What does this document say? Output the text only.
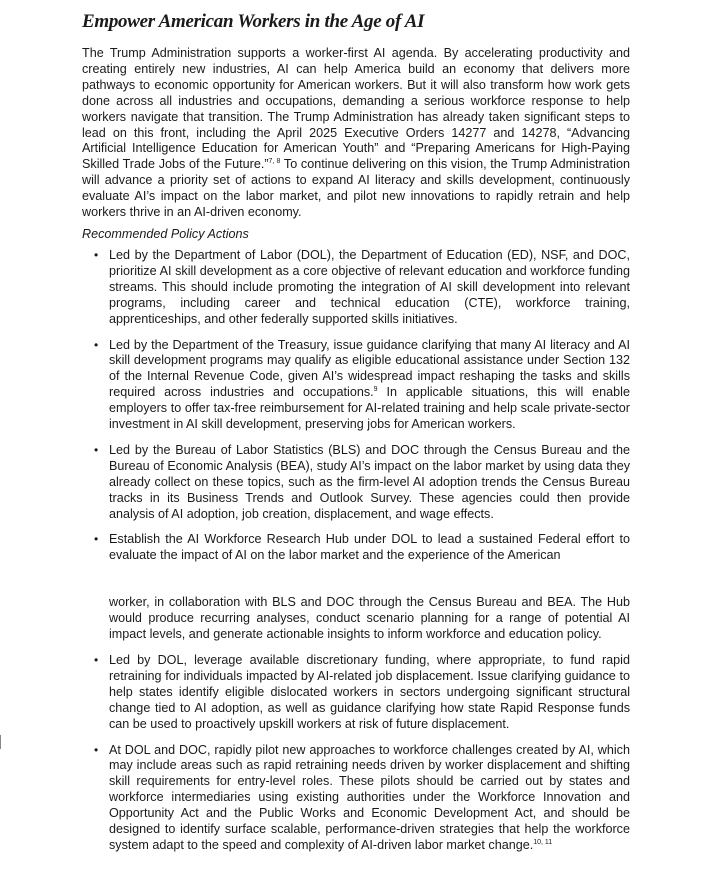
Empower American Workers in the Age of AI

The Trump Administration supports a worker-first AI agenda. By accelerating productivity and creating entirely new industries, AI can help America build an economy that delivers more pathways to economic opportunity for American workers. But it will also transform how work gets done across all industries and occupations, demanding a serious workforce response to help workers navigate that transition. The Trump Administration has already taken significant steps to lead on this front, including the April 2025 Executive Orders 14277 and 14278, “Advancing Artificial Intelligence Education for American Youth” and “Preparing Americans for High-Paying Skilled Trade Jobs of the Future.”$^{7, 8}$ To continue delivering on this vision, the Trump Administration will advance a priority set of actions to expand AI literacy and skills development, continuously evaluate AI’s impact on the labor market, and pilot new innovations to rapidly retrain and help workers thrive in an AI-driven economy.

Recommended Policy Actions
• Led by the Department of Labor (DOL), the Department of Education (ED), NSF, and DOC, prioritize AI skill development as a core objective of relevant education and workforce funding streams. This should include promoting the integration of AI skill development into relevant programs, including career and technical education (CTE), workforce training, apprenticeships, and other federally supported skills initiatives.
• Led by the Department of the Treasury, issue guidance clarifying that many AI literacy and AI skill development programs may qualify as eligible educational assistance under Section 132 of the Internal Revenue Code, given AI’s widespread impact reshaping the tasks and skills required across industries and occupations.$^9$ In applicable situations, this will enable employers to offer tax-free reimbursement for AI-related training and help scale private-sector investment in AI skill development, preserving jobs for American workers.
• Led by the Bureau of Labor Statistics (BLS) and DOC through the Census Bureau and the Bureau of Economic Analysis (BEA), study AI’s impact on the labor market by using data they already collect on these topics, such as the firm-level AI adoption trends the Census Bureau tracks in its Business Trends and Outlook Survey. These agencies could then provide analysis of AI adoption, job creation, displacement, and wage effects.
• Establish the AI Workforce Research Hub under DOL to lead a sustained Federal effort to evaluate the impact of AI on the labor market and the experience of the American
worker, in collaboration with BLS and DOC through the Census Bureau and BEA. The Hub would produce recurring analyses, conduct scenario planning for a range of potential AI impact levels, and generate actionable insights to inform workforce and education policy.
• Led by DOL, leverage available discretionary funding, where appropriate, to fund rapid retraining for individuals impacted by AI-related job displacement. Issue clarifying guidance to help states identify eligible dislocated workers in sectors undergoing significant structural change tied to AI adoption, as well as guidance clarifying how state Rapid Response funds can be used to proactively upskill workers at risk of future displacement.
• At DOL and DOC, rapidly pilot new approaches to workforce challenges created by AI, which may include areas such as rapid retraining needs driven by worker displacement and shifting skill requirements for entry-level roles. These pilots should be carried out by states and workforce intermediaries using existing authorities under the Workforce Innovation and Opportunity Act and the Public Works and Economic Development Act, and should be designed to identify surface scalable, performance-driven strategies that help the workforce system adapt to the speed and complexity of AI-driven labor market change.$^{10, 11}$
